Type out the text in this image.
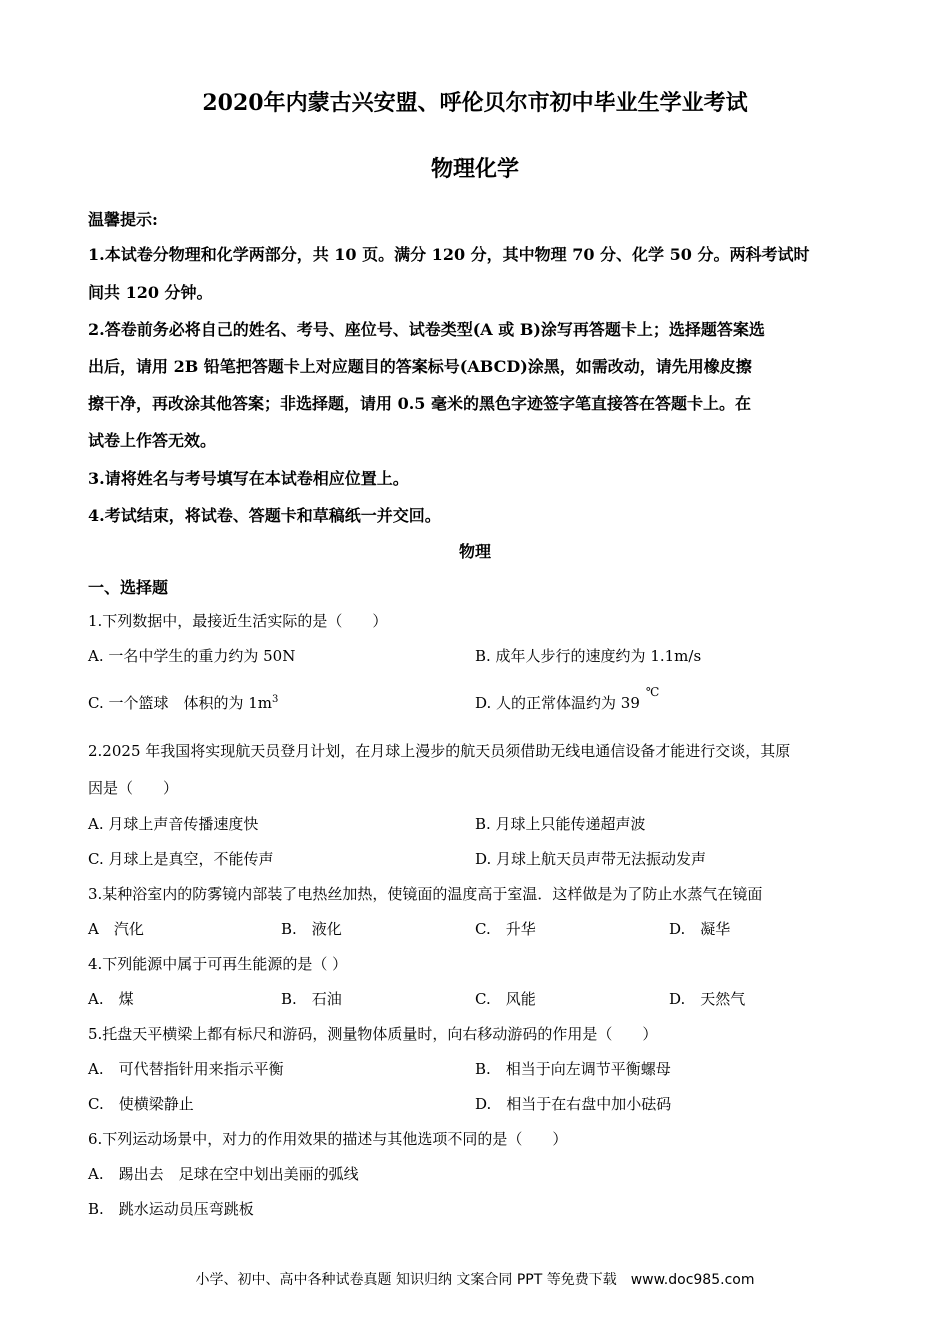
2020年内蒙古兴安盟、呼伦贝尔市初中毕业生学业考试
物理化学
温馨提示:
1.本试卷分物理和化学两部分，共 10 页。满分 120 分，其中物理 70 分、化学 50 分。两科考试时
间共 120 分钟。
2.答卷前务必将自己的姓名、考号、座位号、试卷类型(A 或 B)涂写再答题卡上；选择题答案选
出后，请用 2B 铅笔把答题卡上对应题目的答案标号(ABCD)涂黑，如需改动，请先用橡皮擦
擦干净，再改涂其他答案；非选择题，请用 0.5 毫米的黑色字迹签字笔直接答在答题卡上。在
试卷上作答无效。
3.请将姓名与考号填写在本试卷相应位置上。
4.考试结束，将试卷、答题卡和草稿纸一并交回。
物理
一、选择题
1.下列数据中，最接近生活实际的是（　　）
A. 一名中学生的重力约为 50N	B. 成年人步行的速度约为 1.1m/s
C. 一个篮球　体积的为 $1m^3$	D. 人的正常体温约为 39℃
2.2025 年我国将实现航天员登月计划，在月球上漫步的航天员须借助无线电通信设备才能进行交谈，其原
因是（　　）
A. 月球上声音传播速度快	B. 月球上只能传递超声波
C. 月球上是真空，不能传声	D. 月球上航天员声带无法振动发声
3.某种浴室内的防雾镜内部装了电热丝加热，使镜面的温度高于室温．这样做是为了防止水蒸气在镜面
A　汽化	B.　液化	C.　升华	D.　凝华
4.下列能源中属于可再生能源的是（ ）
A.　煤	B.　石油	C.　风能	D.　天然气
5.托盘天平横梁上都有标尺和游码，测量物体质量时，向右移动游码的作用是（　　）
A.　可代替指针用来指示平衡	B.　相当于向左调节平衡螺母
C.　使横梁静止	D.　相当于在右盘中加小砝码
6.下列运动场景中，对力的作用效果的描述与其他选项不同的是（　　）
A.　踢出去　足球在空中划出美丽的弧线
B.　跳水运动员压弯跳板
小学、初中、高中各种试卷真题 知识归纳 文案合同 PPT 等免费下载　www.doc985.com
